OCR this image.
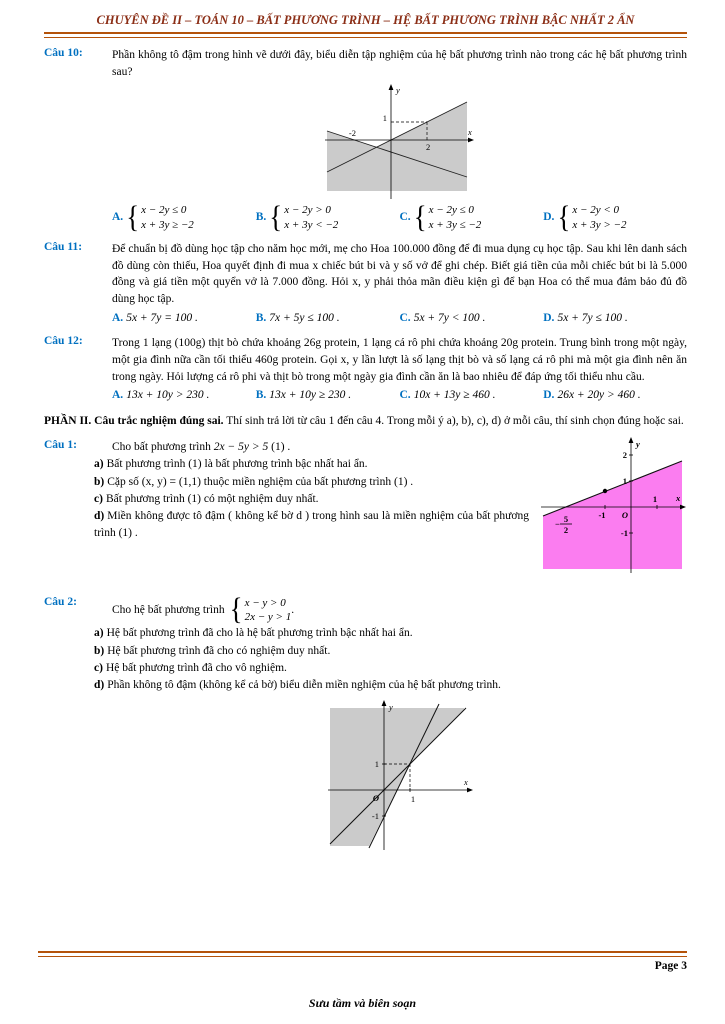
CHUYÊN ĐỀ II – TOÁN 10 – BẤT PHƯƠNG TRÌNH – HỆ BẤT PHƯƠNG TRÌNH BẬC NHẤT 2 ẨN
Câu 10:	Phần không tô đậm trong hình vẽ dưới đây, biểu diễn tập nghiệm của hệ bất phương trình nào trong các hệ bất phương trình sau?
y
x
1
-2
2
A. { x − 2y ≤ 0
x + 3y ≥ −2
B. { x − 2y > 0
x + 3y < −2
C. { x − 2y ≤ 0
x + 3y ≤ −2
D. { x − 2y < 0
x + 3y > −2
Câu 11:	Để chuẩn bị đồ dùng học tập cho năm học mới, mẹ cho Hoa 100.000 đồng để đi mua dụng cụ học tập. Sau khi lên danh sách đồ dùng còn thiếu, Hoa quyết định đi mua x chiếc bút bi và y số vở để ghi chép. Biết giá tiền của mỗi chiếc bút bi là 5.000 đồng và giá tiền một quyển vở là 7.000 đồng. Hỏi x, y phải thỏa mãn điều kiện gì để bạn Hoa có thể mua đảm bảo đủ đồ dùng học tập.
A. 5x + 7y = 100 .	B. 7x + 5y ≤ 100 .	C. 5x + 7y < 100 .	D. 5x + 7y ≤ 100 .
Câu 12:	Trong 1 lạng (100g) thịt bò chứa khoảng 26g protein, 1 lạng cá rô phi chứa khoảng 20g protein. Trung bình trong một ngày, một gia đình nữa cần tối thiểu 460g protein. Gọi x, y lần lượt là số lạng thịt bò và số lạng cá rô phi mà một gia đình nên ăn trong ngày. Hỏi lượng cá rô phi và thịt bò trong một ngày gia đình cần ăn là bao nhiêu để đáp ứng tối thiểu nhu cầu.
A. 13x + 10y > 230 .	B. 13x + 10y ≥ 230 .	C. 10x + 13y ≥ 460 .	D. 26x + 20y > 460 .
PHẦN II. Câu trắc nghiệm đúng sai. Thí sinh trả lời từ câu 1 đến câu 4. Trong mỗi ý a), b), c), d) ở mỗi câu, thí sinh chọn đúng hoặc sai.
Câu 1:	Cho bất phương trình 2x − 5y > 5 (1) .
a) Bất phương trình (1) là bất phương trình bậc nhất hai ẩn.
b) Cặp số (x, y) = (1,1) thuộc miền nghiệm của bất phương trình (1) .
c) Bất phương trình (1) có một nghiệm duy nhất.
d) Miền không được tô đậm ( không kể bờ d ) trong hình sau là miền nghiệm của bất phương trình (1) .
y
x
2
1
1
-1
-1
O
− 5
2
Câu 2:
Cho hệ bất phương trình { x − y > 0
2x − y > 1
.
a) Hệ bất phương trình đã cho là hệ bất phương trình bậc nhất hai ẩn.
b) Hệ bất phương trình đã cho có nghiệm duy nhất.
c) Hệ bất phương trình đã cho vô nghiệm.
d) Phần không tô đậm (không kể cả bờ) biểu diễn miền nghiệm của hệ bất phương trình.
y
x
1
O	1
-1
Page 3
Sưu tầm và biên soạn
